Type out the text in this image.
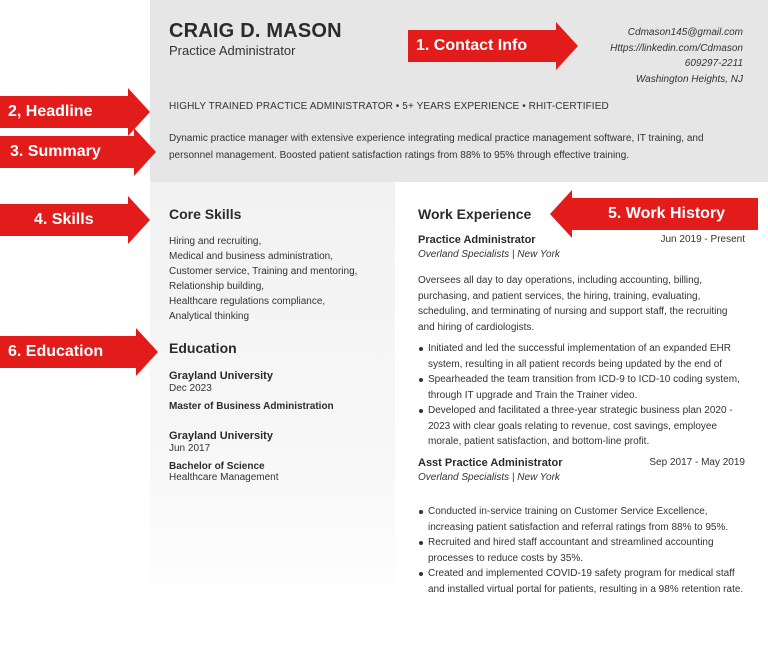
CRAIG D. MASON
Practice Administrator
Cdmason145@gmail.com
Https://linkedin.com/Cdmason
609297-2211
Washington Heights, NJ
HIGHLY TRAINED PRACTICE ADMINISTRATOR • 5+ YEARS EXPERIENCE • RHIT-CERTIFIED
Dynamic practice manager with extensive experience integrating medical practice management software, IT training, and personnel management. Boosted patient satisfaction ratings from 88% to 95% through effective training.
Core Skills
Hiring and recruiting,
Medical and business administration,
Customer service, Training and mentoring,
Relationship building,
Healthcare regulations compliance,
Analytical thinking
Education
Grayland University
Dec 2023
Master of Business Administration
Grayland University
Jun 2017
Bachelor of Science
Healthcare Management
Work Experience
Practice Administrator	Jun 2019 - Present
Overland Specialists | New York
Oversees all day to day operations, including accounting, billing, purchasing, and patient services, the hiring, training, evaluating, scheduling, and terminating of nursing and support staff, the recruiting and hiring of cardiologists.
Initiated and led the successful implementation of an expanded EHR system, resulting in all patient records being updated by the end of
Spearheaded the team transition from ICD-9 to ICD-10 coding system, through IT upgrade and Train the Trainer video.
Developed and facilitated a three-year strategic business plan 2020 - 2023 with clear goals relating to revenue, cost savings, employee morale, patient satisfaction, and bottom-line profit.
Asst Practice Administrator	Sep 2017 - May 2019
Overland Specialists | New York
Conducted in-service training on Customer Service Excellence, increasing patient satisfaction and referral ratings from 88% to 95%.
Recruited and hired staff accountant and streamlined accounting processes to reduce costs by 35%.
Created and implemented COVID-19 safety program for medical staff and installed virtual portal for patients, resulting in a 98% retention rate.
1. Contact Info
2, Headline
3. Summary
4. Skills	5. Work History
6. Education
